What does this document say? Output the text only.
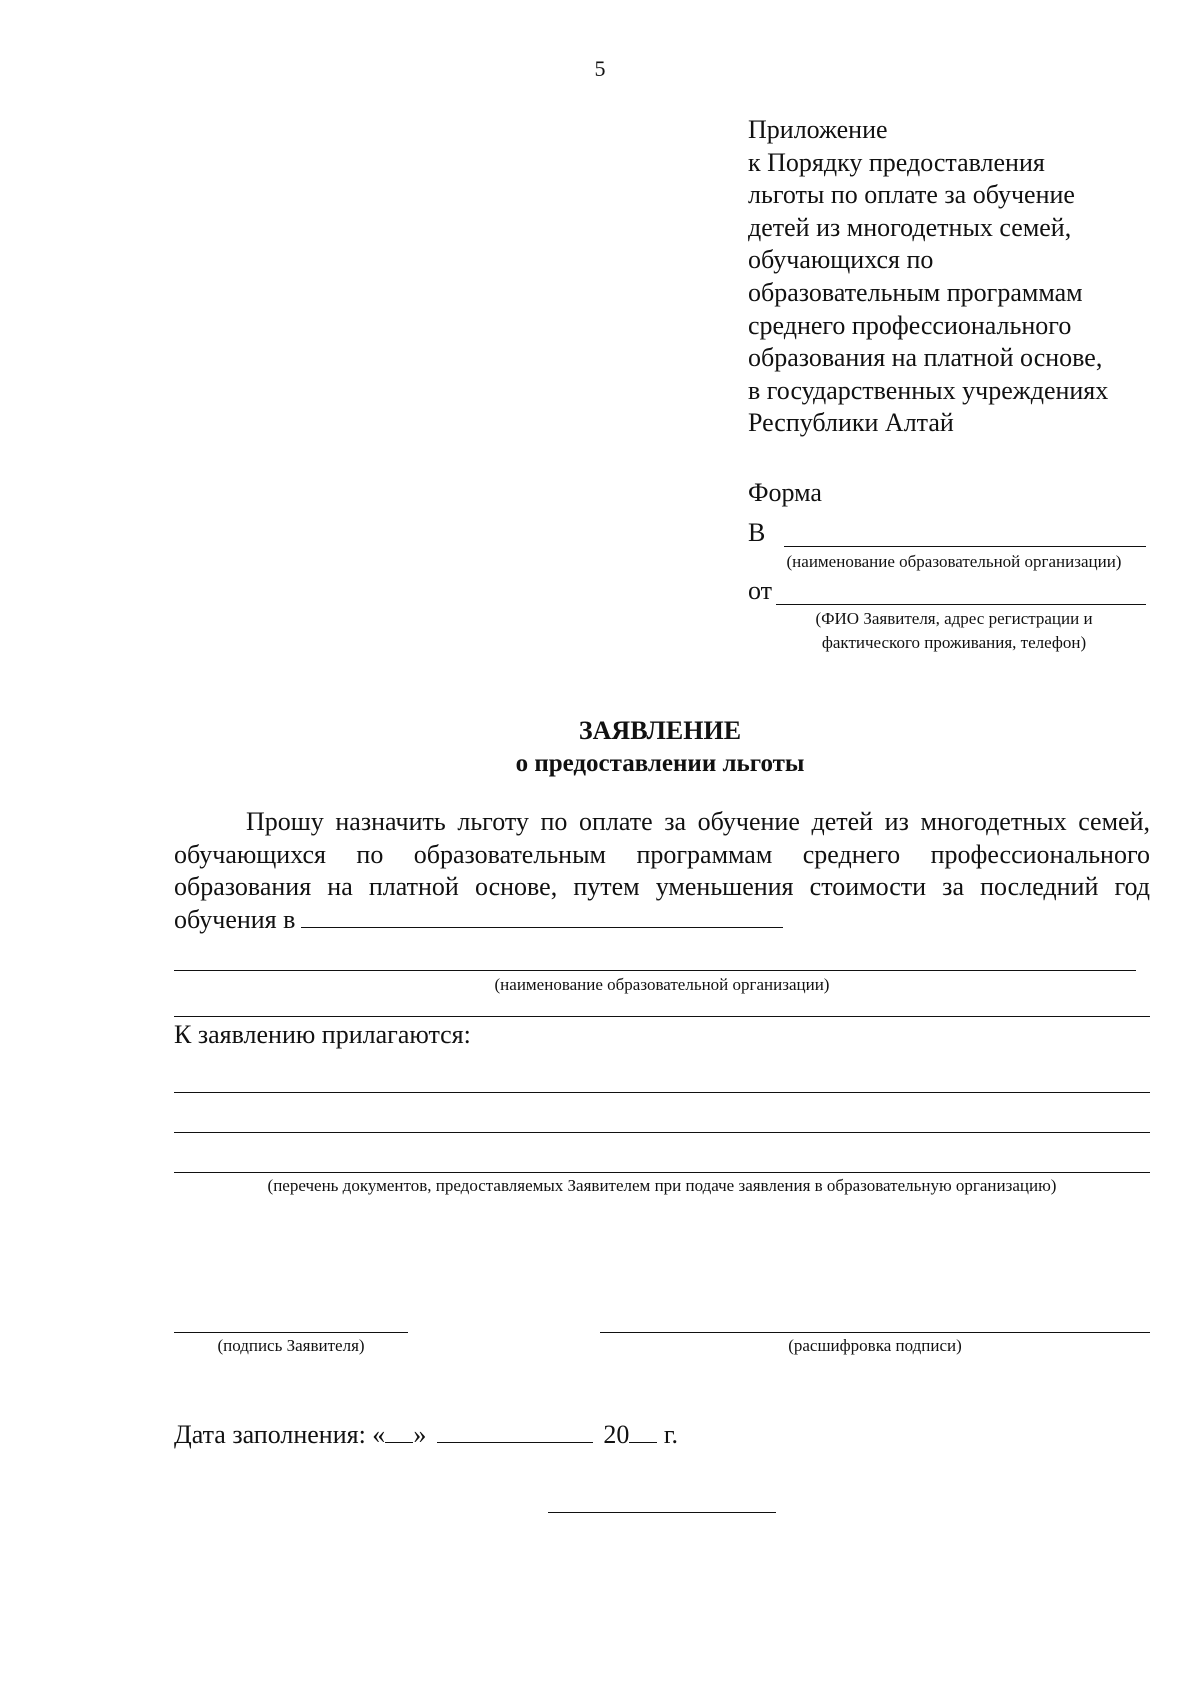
5
Приложение
к Порядку предоставления
льготы по оплате за обучение
детей из многодетных семей,
обучающихся по
образовательным программам
среднего профессионального
образования на платной основе,
в государственных учреждениях
Республики Алтай
Форма
В
(наименование образовательной организации)
от
(ФИО Заявителя, адрес регистрации и
фактического проживания, телефон)
ЗАЯВЛЕНИЕ
о предоставлении льготы
Прошу назначить льготу по оплате за обучение детей из многодетных семей, обучающихся по образовательным программам среднего профессионального образования на платной основе, путем уменьшения стоимости за последний год обучения в
(наименование образовательной организации)
К заявлению прилагаются:
(перечень документов, предоставляемых Заявителем при подаче заявления в образовательную организацию)
(подпись Заявителя)	(расшифровка подписи)
Дата заполнения: « »	20 г.
